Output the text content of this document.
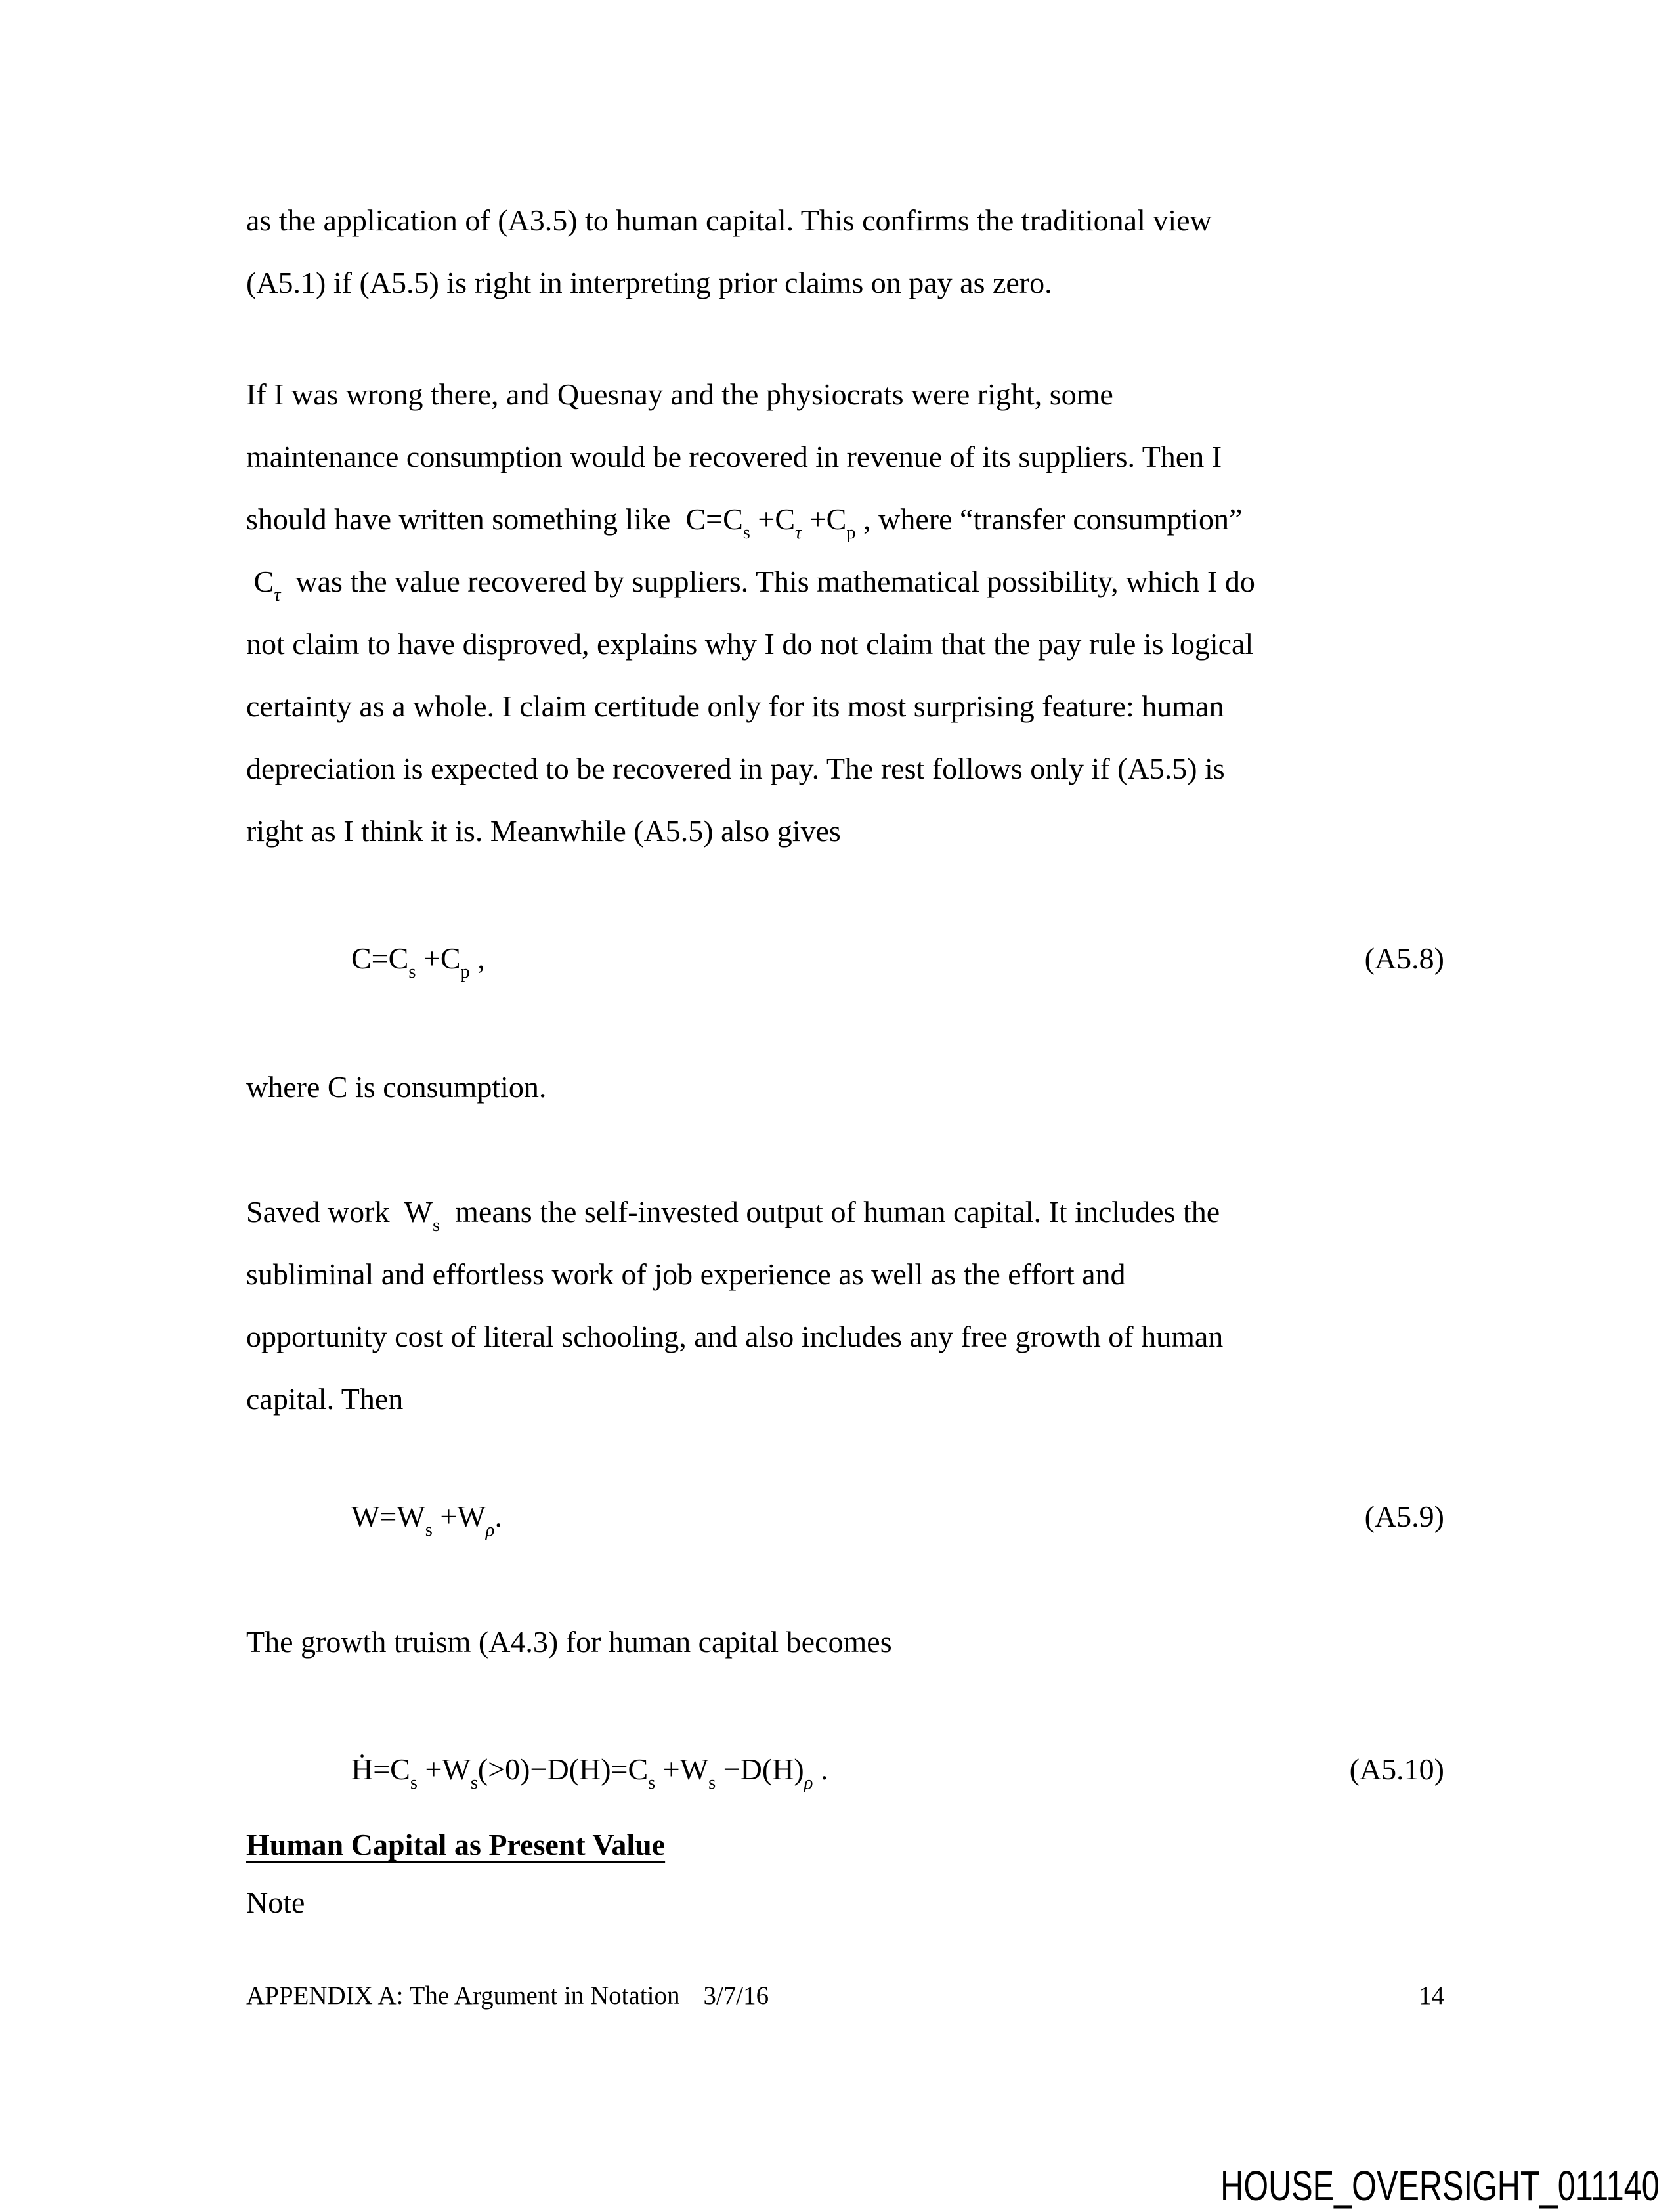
as the application of (A3.5) to human capital. This confirms the traditional view
(A5.1) if (A5.5) is right in interpreting prior claims on pay as zero.
If I was wrong there, and Quesnay and the physiocrats were right, some
maintenance consumption would be recovered in revenue of its suppliers. Then I
should have written something like  $C=C_s +C_\tau +C_p$ , where “transfer consumption”
$C_\tau$  was the value recovered by suppliers. This mathematical possibility, which I do
not claim to have disproved, explains why I do not claim that the pay rule is logical
certainty as a whole. I claim certitude only for its most surprising feature: human
depreciation is expected to be recovered in pay. The rest follows only if (A5.5) is
right as I think it is. Meanwhile (A5.5) also gives
$C=C_s +C_p$ ,	(A5.8)
where C is consumption.
Saved work  $W_s$  means the self-invested output of human capital. It includes the
subliminal and effortless work of job experience as well as the effort and
opportunity cost of literal schooling, and also includes any free growth of human
capital. Then
$W=W_s +W_\rho$.	(A5.9)
The growth truism (A4.3) for human capital becomes
$Ḣ=C_s +W_s(>0)-D(H)=C_s +W_s -D(H)_\rho$ .	(A5.10)
Human Capital as Present Value
Note
APPENDIX A: The Argument in Notation 3/7/16	14
HOUSE_OVERSIGHT_011140
